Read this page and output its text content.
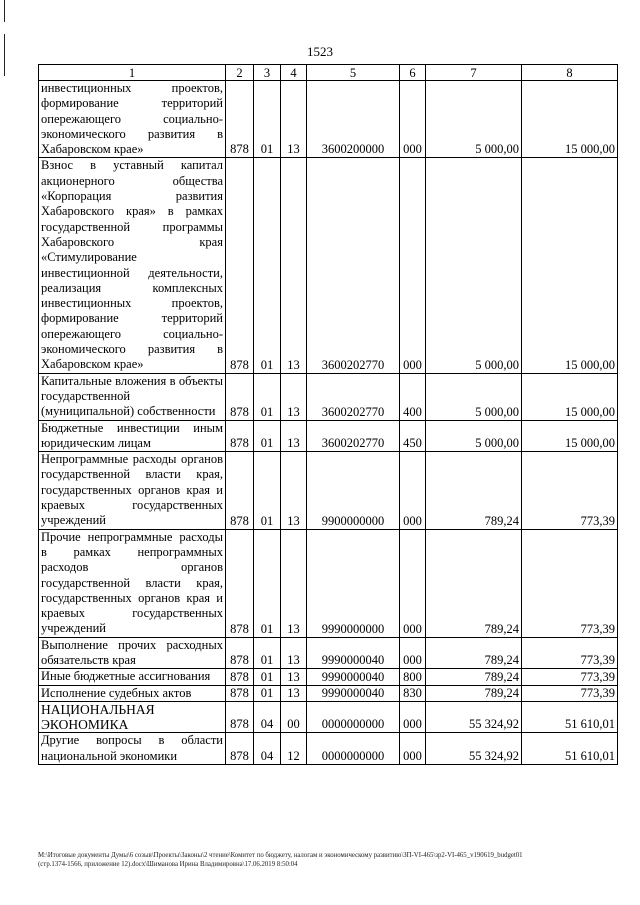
1523
1	2	3	4	5	6	7	8
инвестиционных проектов, формирование территорий опережающего социально-экономического развития в Хабаровском крае»	878	01	13	3600200000	000	5 000,00	15 000,00
Взнос в уставный капитал акционерного общества «Корпорация развития Хабаровского края» в рамках государственной программы Хабаровского края «Стимулирование инвестиционной деятельности, реализация комплексных инвестиционных проектов, формирование территорий опережающего социально-экономического развития в Хабаровском крае»	878	01	13	3600202770	000	5 000,00	15 000,00
Капитальные вложения в объекты государственной (муниципальной) собственности	878	01	13	3600202770	400	5 000,00	15 000,00
Бюджетные инвестиции иным юридическим лицам	878	01	13	3600202770	450	5 000,00	15 000,00
Непрограммные расходы органов государственной власти края, государственных органов края и краевых государственных учреждений	878	01	13	9900000000	000	789,24	773,39
Прочие непрограммные расходы в рамках непрограммных расходов органов государственной власти края, государственных органов края и краевых государственных учреждений	878	01	13	9990000000	000	789,24	773,39
Выполнение прочих расходных обязательств края	878	01	13	9990000040	000	789,24	773,39
Иные бюджетные ассигнования	878	01	13	9990000040	800	789,24	773,39
Исполнение судебных актов	878	01	13	9990000040	830	789,24	773,39
НАЦИОНАЛЬНАЯ ЭКОНОМИКА	878	04	00	0000000000	000	55 324,92	51 610,01
Другие вопросы в области национальной экономики	878	04	12	0000000000	000	55 324,92	51 610,01
M:\Итоговые документы Думы\6 созыв\Проекты\Законы\2 чтение\Комитет по бюджету, налогам и экономическому развитию\ЗП-VI-465\зр2-VI-465_v190619_budget01
(стр.1374-1566, приложение 12).docx\Шиманова Ирина Владимировна\17.06.2019 8:50:04
